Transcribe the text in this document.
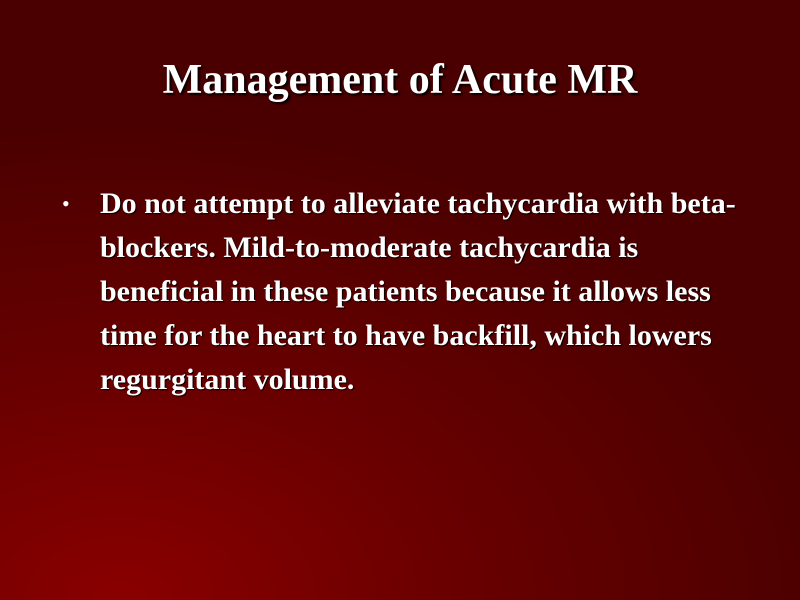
Management of Acute MR
•	Do not attempt to alleviate tachycardia with beta-blockers. Mild-to-moderate tachycardia is beneficial in these patients because it allows less time for the heart to have backfill, which lowers regurgitant volume.
